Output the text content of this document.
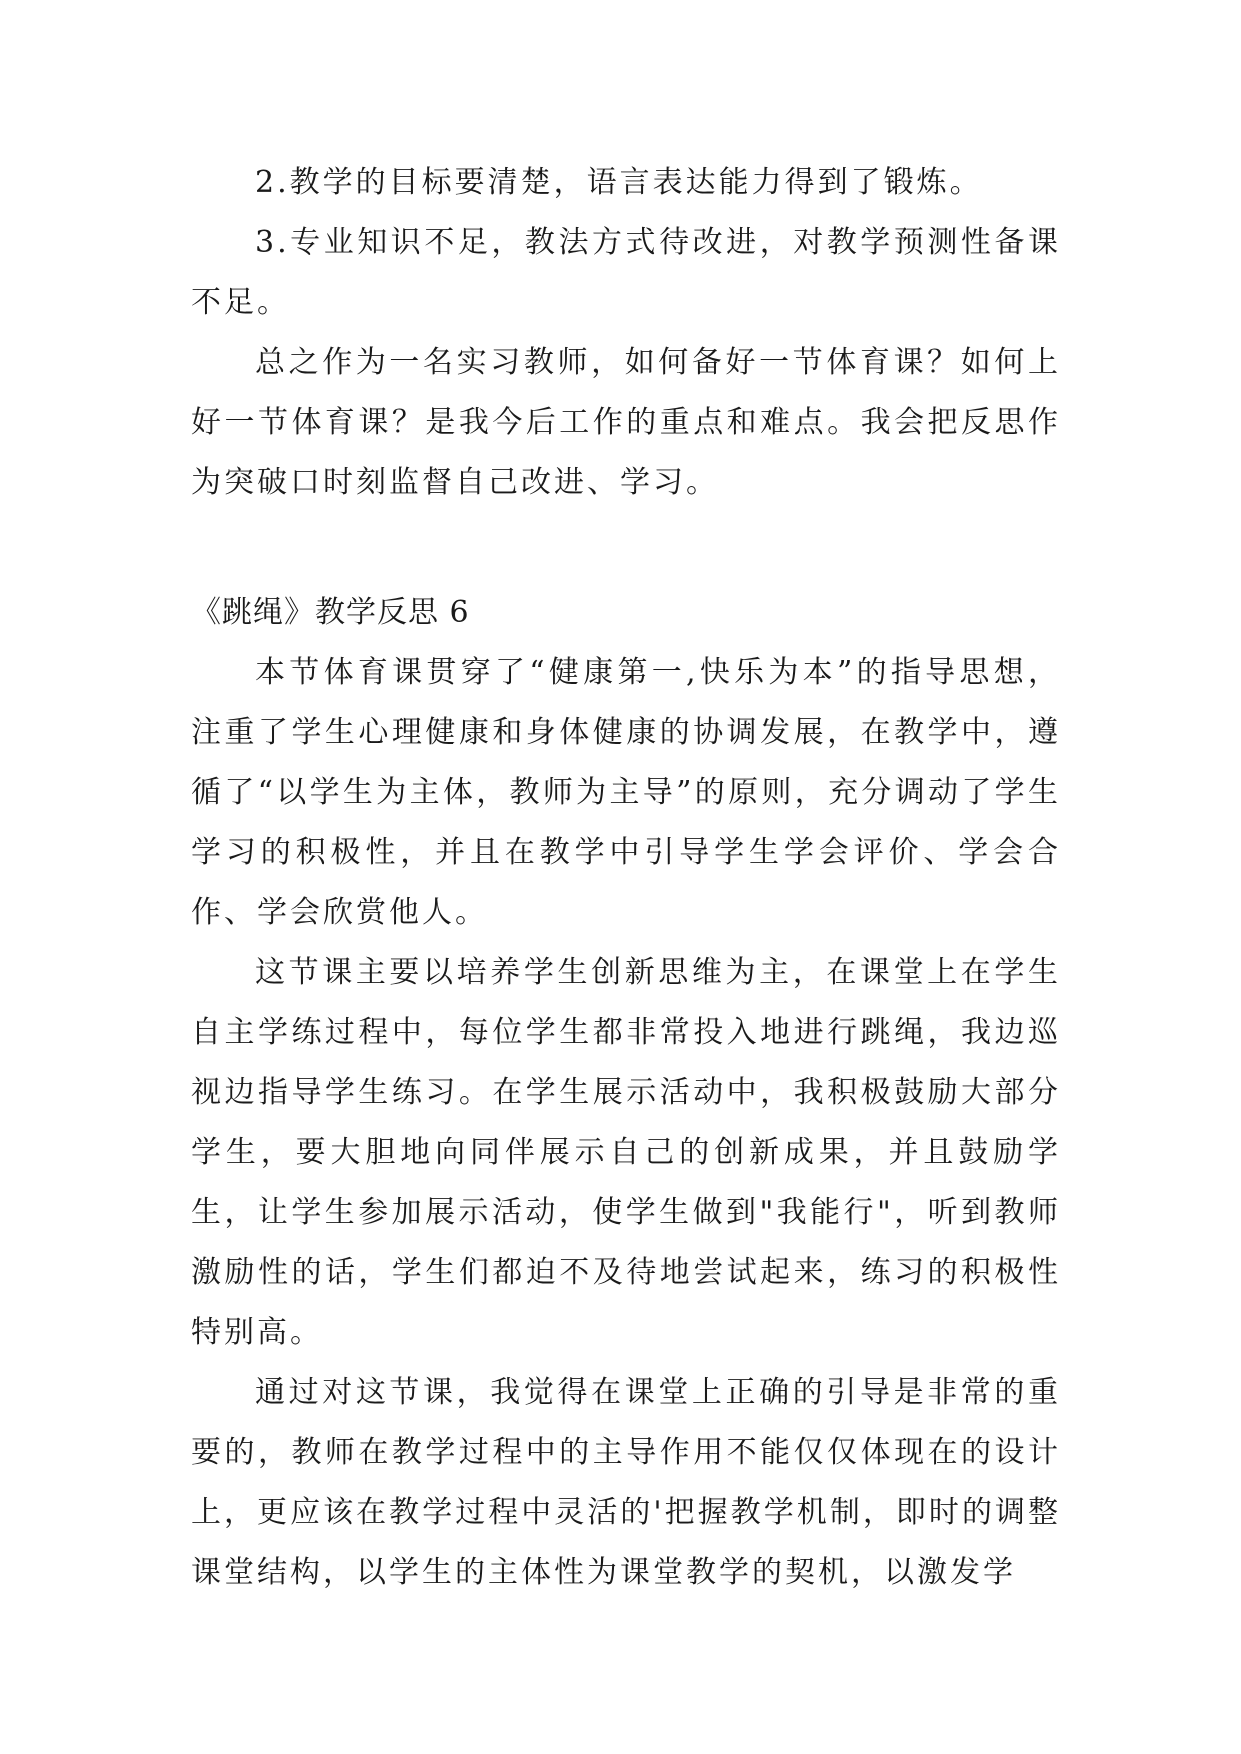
2.教学的目标要清楚，语言表达能力得到了锻炼。

3.专业知识不足，教法方式待改进，对教学预测性备课不足。

总之作为一名实习教师，如何备好一节体育课？如何上好一节体育课？是我今后工作的重点和难点。我会把反思作为突破口时刻监督自己改进、学习。

《跳绳》教学反思 6

本节体育课贯穿了“健康第一,快乐为本”的指导思想，注重了学生心理健康和身体健康的协调发展，在教学中，遵循了“以学生为主体，教师为主导”的原则，充分调动了学生学习的积极性，并且在教学中引导学生学会评价、学会合作、学会欣赏他人。

这节课主要以培养学生创新思维为主，在课堂上在学生自主学练过程中，每位学生都非常投入地进行跳绳，我边巡视边指导学生练习。在学生展示活动中，我积极鼓励大部分学生，要大胆地向同伴展示自己的创新成果，并且鼓励学生，让学生参加展示活动，使学生做到"我能行"，听到教师激励性的话，学生们都迫不及待地尝试起来，练习的积极性特别高。

通过对这节课，我觉得在课堂上正确的引导是非常的重要的，教师在教学过程中的主导作用不能仅仅体现在的设计上，更应该在教学过程中灵活的'把握教学机制，即时的调整课堂结构，以学生的主体性为课堂教学的契机，以激发学
